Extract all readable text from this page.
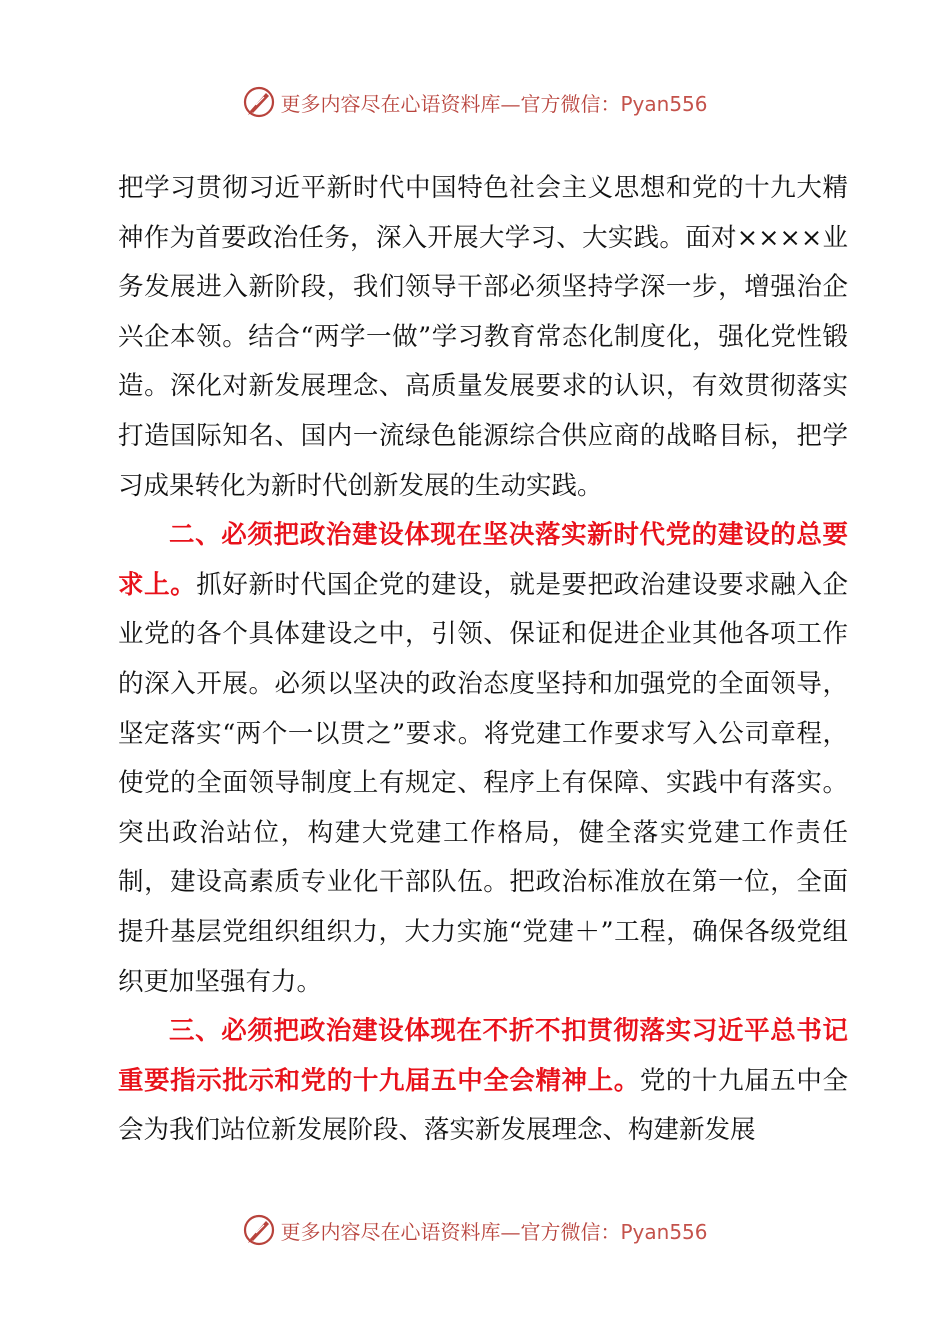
更多内容尽在心语资料库—官方微信：Pyan556

把学习贯彻习近平新时代中国特色社会主义思想和党的十九大精神作为首要政治任务，深入开展大学习、大实践。面对××××业务发展进入新阶段，我们领导干部必须坚持学深一步，增强治企兴企本领。结合“两学一做”学习教育常态化制度化，强化党性锻造。深化对新发展理念、高质量发展要求的认识，有效贯彻落实打造国际知名、国内一流绿色能源综合供应商的战略目标，把学习成果转化为新时代创新发展的生动实践。

二、必须把政治建设体现在坚决落实新时代党的建设的总要求上。抓好新时代国企党的建设，就是要把政治建设要求融入企业党的各个具体建设之中，引领、保证和促进企业其他各项工作的深入开展。必须以坚决的政治态度坚持和加强党的全面领导，坚定落实“两个一以贯之”要求。将党建工作要求写入公司章程，使党的全面领导制度上有规定、程序上有保障、实践中有落实。突出政治站位，构建大党建工作格局，健全落实党建工作责任制，建设高素质专业化干部队伍。把政治标准放在第一位，全面提升基层党组织组织力，大力实施“党建＋”工程，确保各级党组织更加坚强有力。

三、必须把政治建设体现在不折不扣贯彻落实习近平总书记重要指示批示和党的十九届五中全会精神上。党的十九届五中全会为我们站位新发展阶段、落实新发展理念、构建新发展

更多内容尽在心语资料库—官方微信：Pyan556
